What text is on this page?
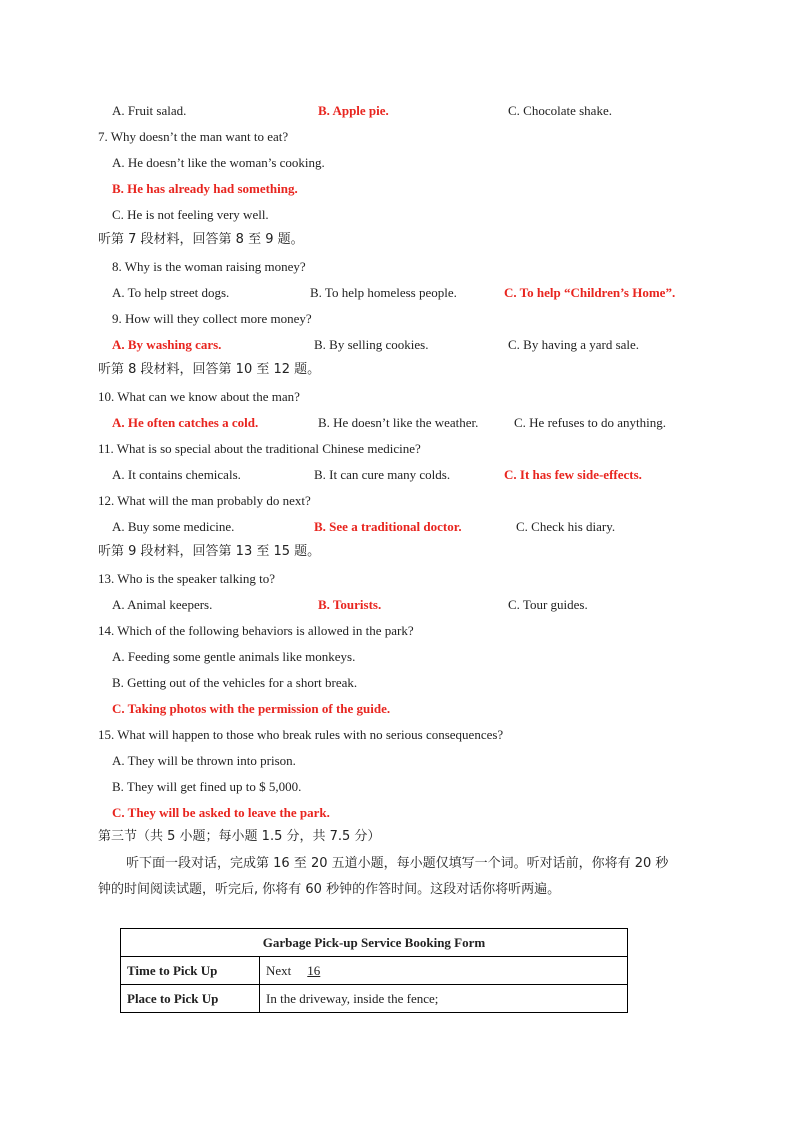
A. Fruit salad.	B. Apple pie.	C. Chocolate shake.
7. Why doesn’t the man want to eat?
A. He doesn’t like the woman’s cooking.
B. He has already had something.
C. He is not feeling very well.
听第 7 段材料，回答第 8 至 9 题。
8. Why is the woman raising money?
A. To help street dogs.	B. To help homeless people.	C. To help “Children’s Home”.
9. How will they collect more money?
A. By washing cars.	B. By selling cookies.	C. By having a yard sale.
听第 8 段材料，回答第 10 至 12 题。
10. What can we know about the man?
A. He often catches a cold.	B. He doesn’t like the weather.	C. He refuses to do anything.
11. What is so special about the traditional Chinese medicine?
A. It contains chemicals.	B. It can cure many colds.	C. It has few side-effects.
12. What will the man probably do next?
A. Buy some medicine.	B. See a traditional doctor.	C. Check his diary.
听第 9 段材料，回答第 13 至 15 题。
13. Who is the speaker talking to?
A. Animal keepers.	B. Tourists.	C. Tour guides.
14. Which of the following behaviors is allowed in the park?
A. Feeding some gentle animals like monkeys.
B. Getting out of the vehicles for a short break.
C. Taking photos with the permission of the guide.
15. What will happen to those who break rules with no serious consequences?
A. They will be thrown into prison.
B. They will get fined up to $ 5,000.
C. They will be asked to leave the park.
第三节（共 5 小题；每小题 1.5 分，共 7.5 分）
听下面一段对话，完成第 16 至 20 五道小题，每小题仅填写一个词。听对话前，你将有 20 秒
钟的时间阅读试题，听完后, 你将有 60 秒钟的作答时间。这段对话你将听两遍。
Garbage Pick-up Service Booking Form	
Time to Pick Up	Next 16
Place to Pick Up	In the driveway, inside the fence;
